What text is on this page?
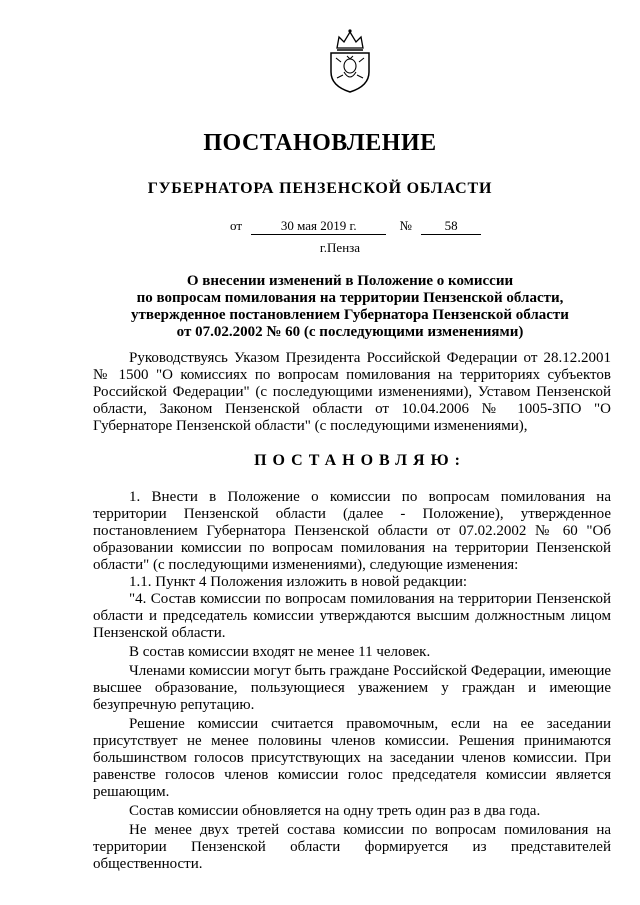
ПОСТАНОВЛЕНИЕ
ГУБЕРНАТОРА ПЕНЗЕНСКОЙ ОБЛАСТИ
от	30 мая 2019 г.	№	58
г.Пенза
О внесении изменений в Положение о комиссии
по вопросам помилования на территории Пензенской области,
утвержденное постановлением Губернатора Пензенской области
от 07.02.2002 № 60 (с последующими изменениями)

Руководствуясь Указом Президента Российской Федерации от 28.12.2001 № 1500 "О комиссиях по вопросам помилования на территориях субъектов Российской Федерации" (с последующими изменениями), Уставом Пензенской области, Законом Пензенской области от 10.04.2006 № 1005-ЗПО "О Губернаторе Пензенской области" (с последующими изменениями),

ПОСТАНОВЛЯЮ:

1. Внести в Положение о комиссии по вопросам помилования на территории Пензенской области (далее - Положение), утвержденное постановлением Губернатора Пензенской области от 07.02.2002 № 60 "Об образовании комиссии по вопросам помилования на территории Пензенской области" (с последующими изменениями), следующие изменения:

1.1. Пункт 4 Положения изложить в новой редакции:

"4. Состав комиссии по вопросам помилования на территории Пензенской области и председатель комиссии утверждаются высшим должностным лицом Пензенской области.

В состав комиссии входят не менее 11 человек.

Членами комиссии могут быть граждане Российской Федерации, имеющие высшее образование, пользующиеся уважением у граждан и имеющие безупречную репутацию.

Решение комиссии считается правомочным, если на ее заседании присутствует не менее половины членов комиссии. Решения принимаются большинством голосов присутствующих на заседании членов комиссии. При равенстве голосов членов комиссии голос председателя комиссии является решающим.

Состав комиссии обновляется на одну треть один раз в два года.

Не менее двух третей состава комиссии по вопросам помилования на территории Пензенской области формируется из представителей общественности.
